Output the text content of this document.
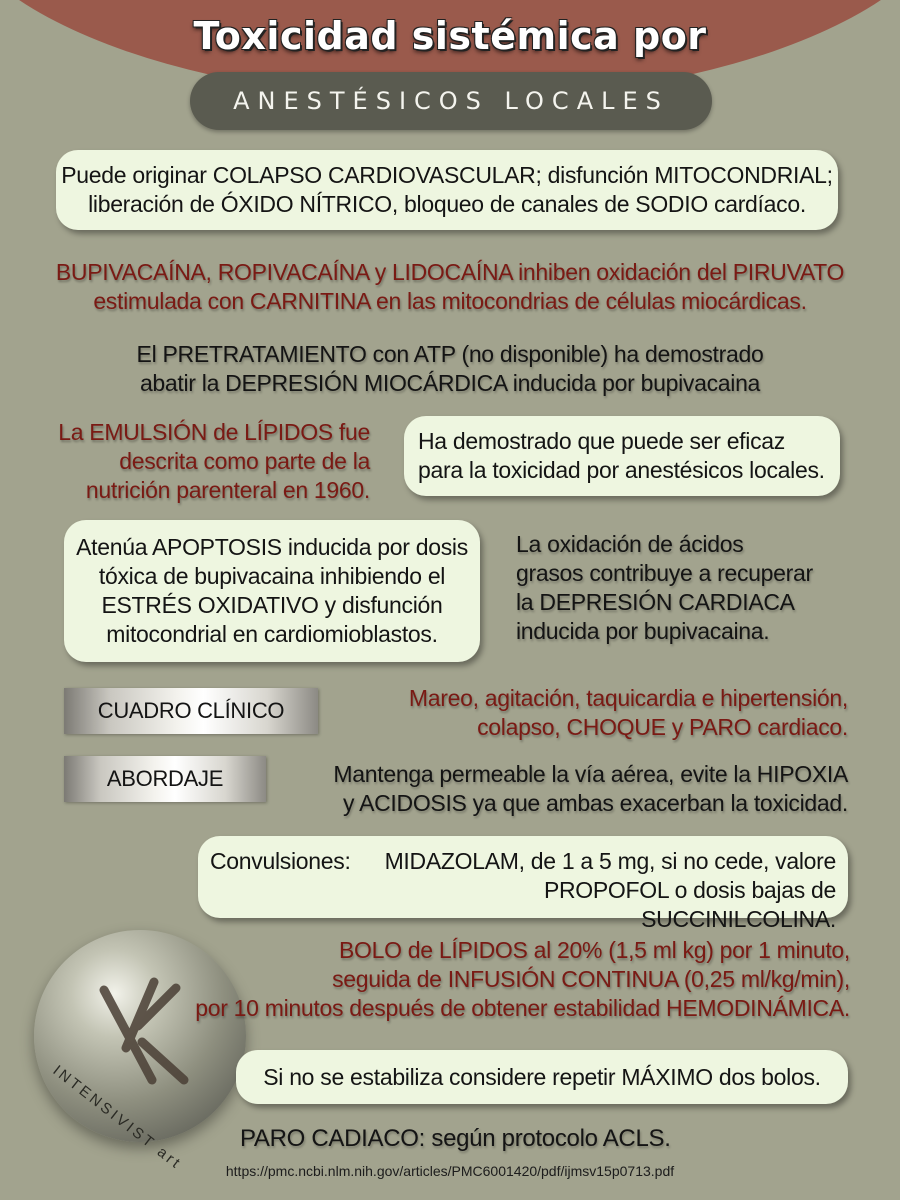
Toxicidad sistémica por
ANESTÉSICOS LOCALES
Puede originar COLAPSO CARDIOVASCULAR; disfunción MITOCONDRIAL;
liberación de ÓXIDO NÍTRICO, bloqueo de canales de SODIO cardíaco.
BUPIVACAÍNA, ROPIVACAÍNA y LIDOCAÍNA inhiben oxidación del PIRUVATO
estimulada con CARNITINA en las mitocondrias de células miocárdicas.
El PRETRATAMIENTO con ATP (no disponible) ha demostrado
abatir la DEPRESIÓN MIOCÁRDICA inducida por bupivacaina
La EMULSIÓN de LÍPIDOS fue
descrita como parte de la
nutrición parenteral en 1960.
Ha demostrado que puede ser eficaz
para la toxicidad por anestésicos locales.
Atenúa APOPTOSIS inducida por dosis
tóxica de bupivacaina inhibiendo el
ESTRÉS OXIDATIVO y disfunción
mitocondrial en cardiomioblastos.
La oxidación de ácidos
grasos contribuye a recuperar
la DEPRESIÓN CARDIACA
inducida por bupivacaina.
CUADRO CLÍNICO	Mareo, agitación, taquicardia e hipertensión,
colapso, CHOQUE y PARO cardiaco.
ABORDAJE	Mantenga permeable la vía aérea, evite la HIPOXIA
y ACIDOSIS ya que ambas exacerban la toxicidad.
Convulsiones:	MIDAZOLAM, de 1 a 5 mg, si no cede, valore
PROPOFOL o dosis bajas de SUCCINILCOLINA.
INTENSIVIST art
BOLO de LÍPIDOS al 20% (1,5 ml kg) por 1 minuto,
seguida de INFUSIÓN CONTINUA (0,25 ml/kg/min),
por 10 minutos después de obtener estabilidad HEMODINÁMICA.
Si no se estabiliza considere repetir MÁXIMO dos bolos.
PARO CADIACO: según protocolo ACLS.
https://pmc.ncbi.nlm.nih.gov/articles/PMC6001420/pdf/ijmsv15p0713.pdf
